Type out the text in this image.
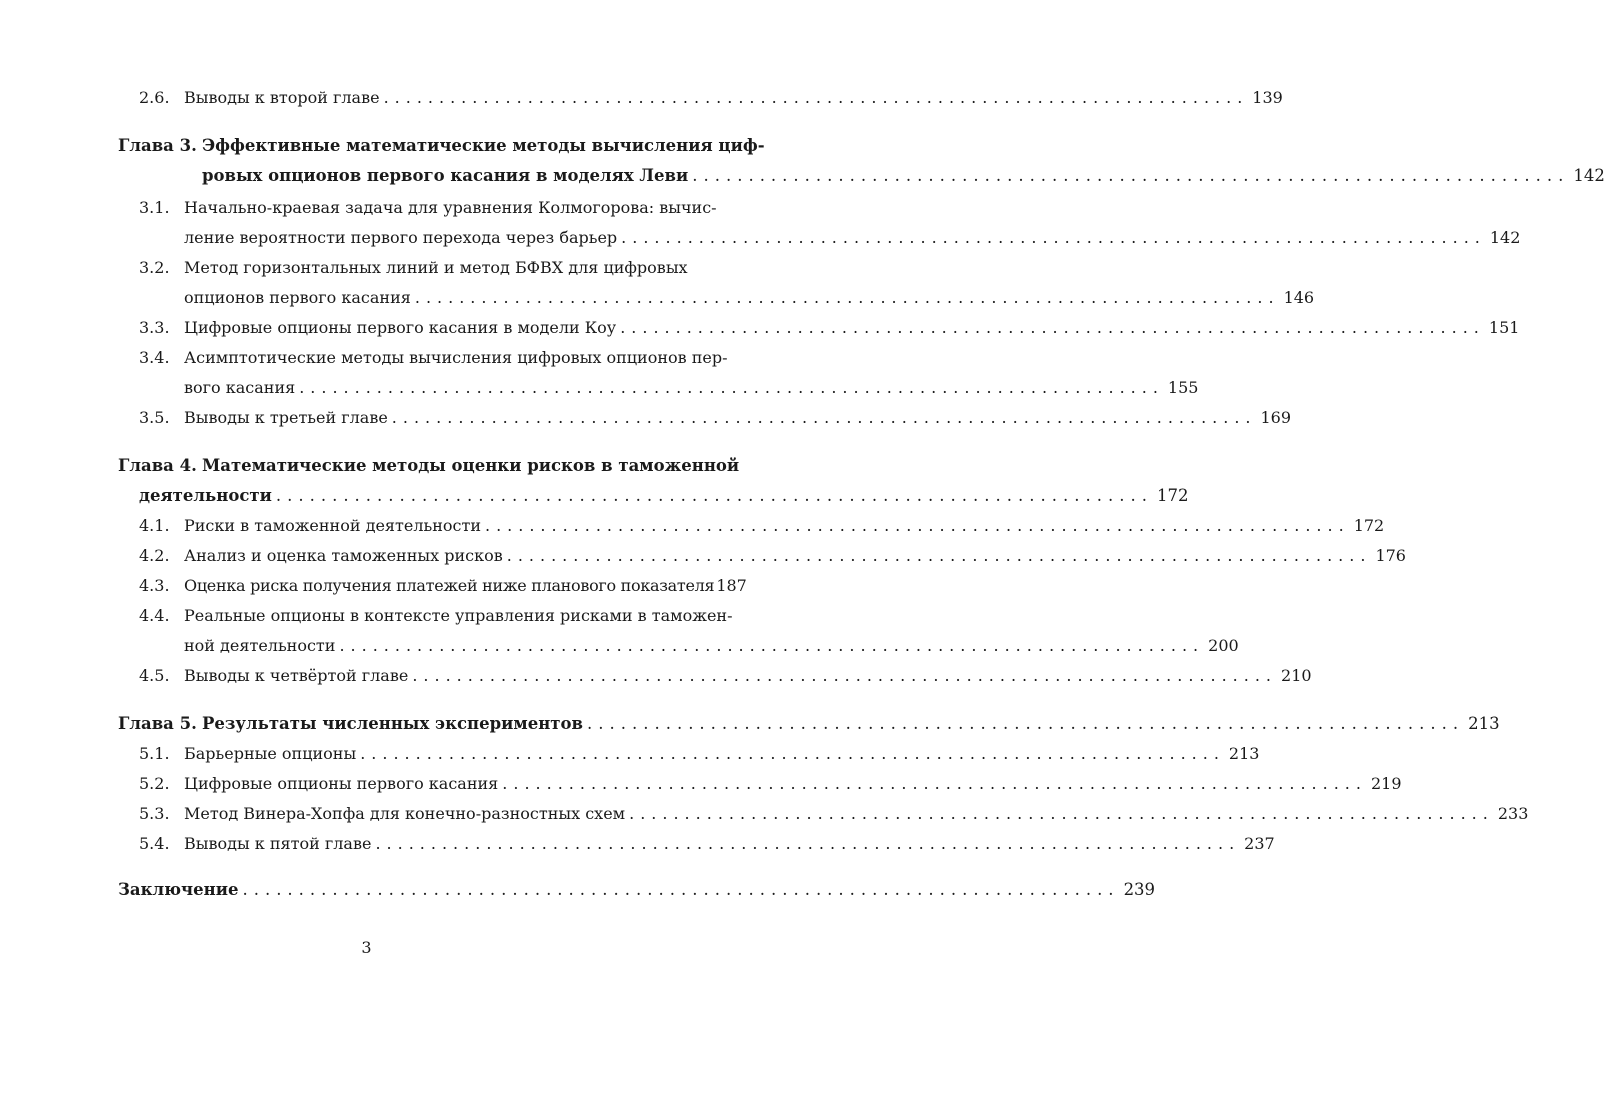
2.6. Выводы к второй главе .............................................................................. 139
Глава 3. Эффективные математические методы вычисления циф-
ровых опционов первого касания в моделях Леви .............................................................................. 142
3.1. Начально-краевая задача для уравнения Колмогорова: вычис-
ление вероятности первого перехода через барьер .............................................................................. 142
3.2. Метод горизонтальных линий и метод БФВХ для цифровых
опционов первого касания .............................................................................. 146
3.3. Цифровые опционы первого касания в модели Коу .............................................................................. 151
3.4. Асимптотические методы вычисления цифровых опционов пер-
вого касания .............................................................................. 155
3.5. Выводы к третьей главе .............................................................................. 169
Глава 4. Математические методы оценки рисков в таможенной
деятельности .............................................................................. 172
4.1. Риски в таможенной деятельности .............................................................................. 172
4.2. Анализ и оценка таможенных рисков .............................................................................. 176
4.3. Оценка риска получения платежей ниже планового показателя 187
4.4. Реальные опционы в контексте управления рисками в таможен-
ной деятельности .............................................................................. 200
4.5. Выводы к четвёртой главе .............................................................................. 210
Глава 5. Результаты численных экспериментов .............................................................................. 213
5.1. Барьерные опционы .............................................................................. 213
5.2. Цифровые опционы первого касания .............................................................................. 219
5.3. Метод Винера-Хопфа для конечно-разностных схем .............................................................................. 233
5.4. Выводы к пятой главе .............................................................................. 237
Заключение .............................................................................. 239
3
